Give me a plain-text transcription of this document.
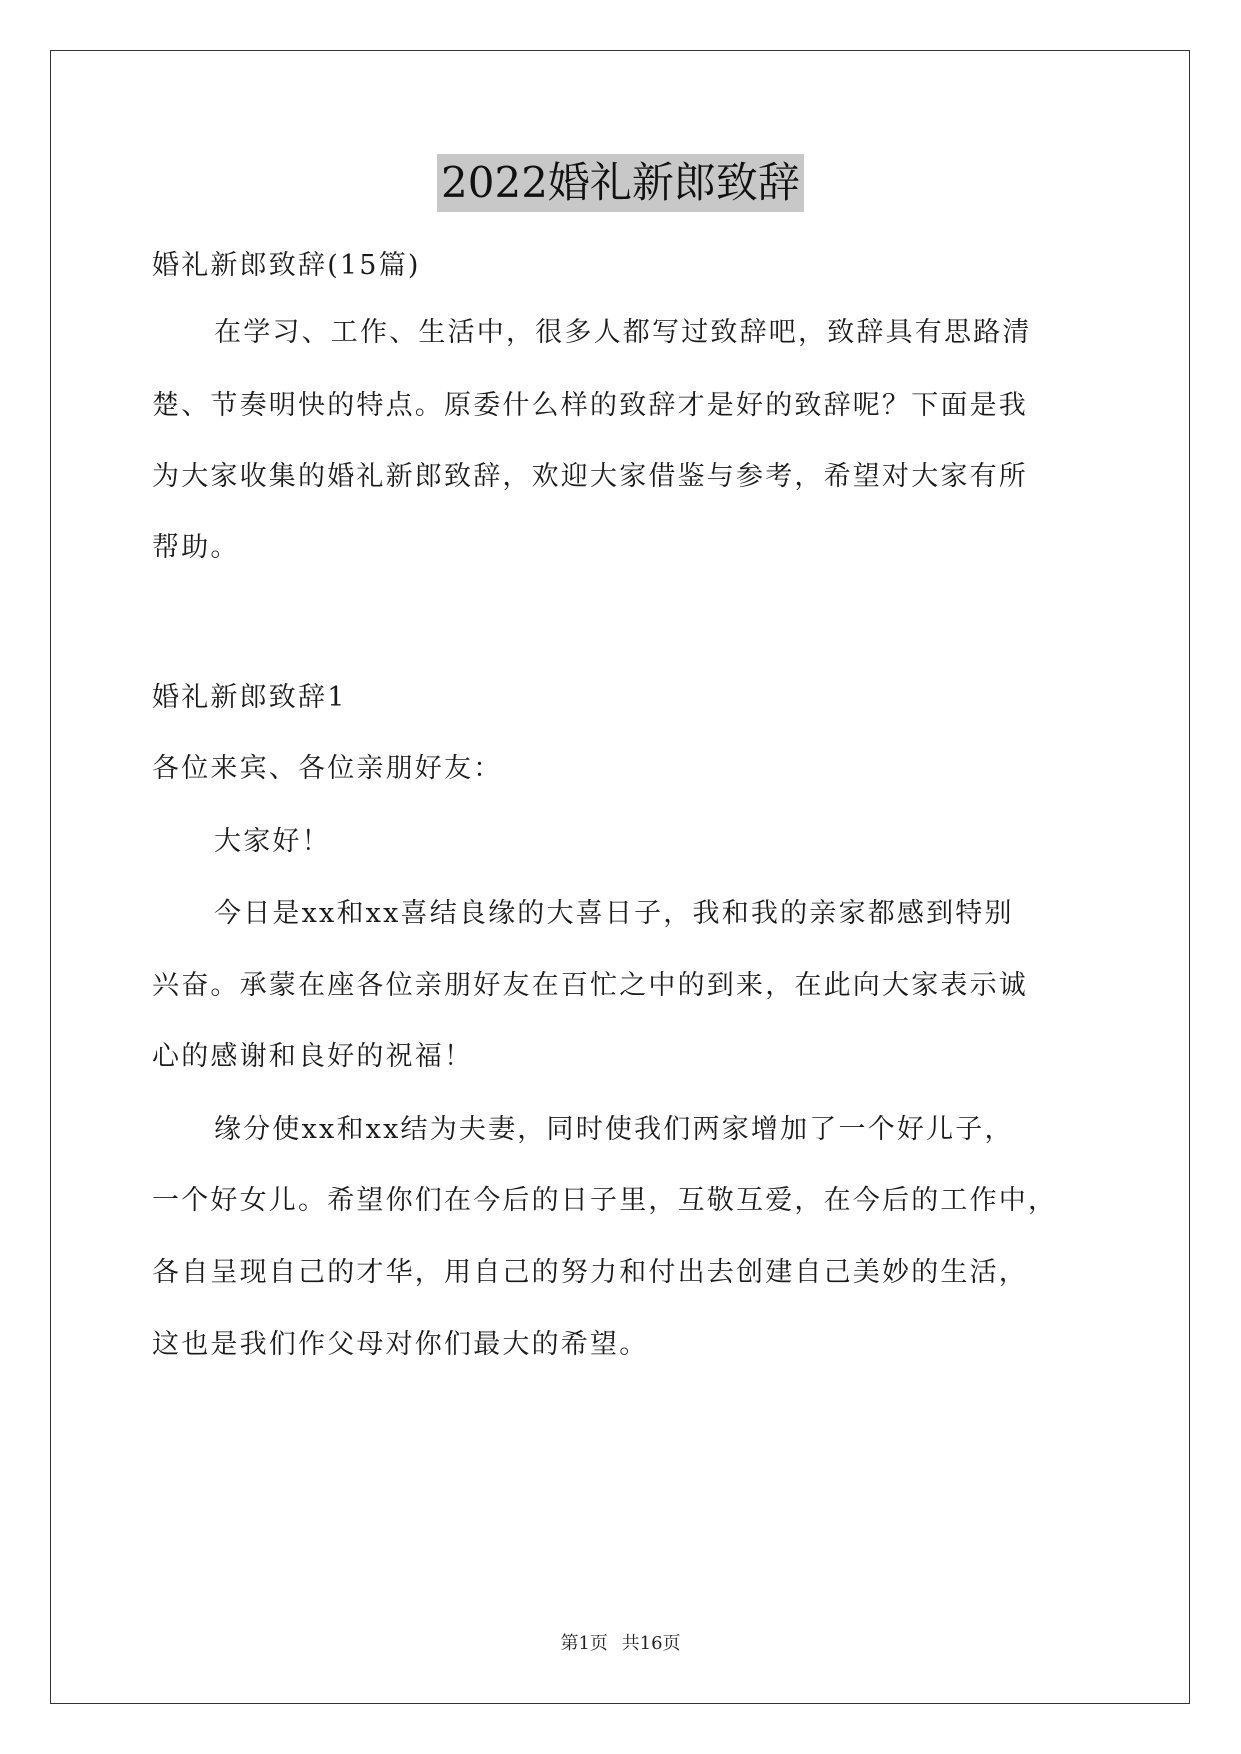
2022婚礼新郎致辞
婚礼新郎致辞(15篇)
在学习、工作、生活中，很多人都写过致辞吧，致辞具有思路清
楚、节奏明快的特点。原委什么样的致辞才是好的致辞呢？下面是我
为大家收集的婚礼新郎致辞，欢迎大家借鉴与参考，希望对大家有所
帮助。
婚礼新郎致辞1
各位来宾、各位亲朋好友：
大家好！
今日是xx和xx喜结良缘的大喜日子，我和我的亲家都感到特别
兴奋。承蒙在座各位亲朋好友在百忙之中的到来，在此向大家表示诚
心的感谢和良好的祝福！
缘分使xx和xx结为夫妻，同时使我们两家增加了一个好儿子，
一个好女儿。希望你们在今后的日子里，互敬互爱，在今后的工作中，
各自呈现自己的才华，用自己的努力和付出去创建自己美妙的生活，
这也是我们作父母对你们最大的希望。
第1页 共16页
